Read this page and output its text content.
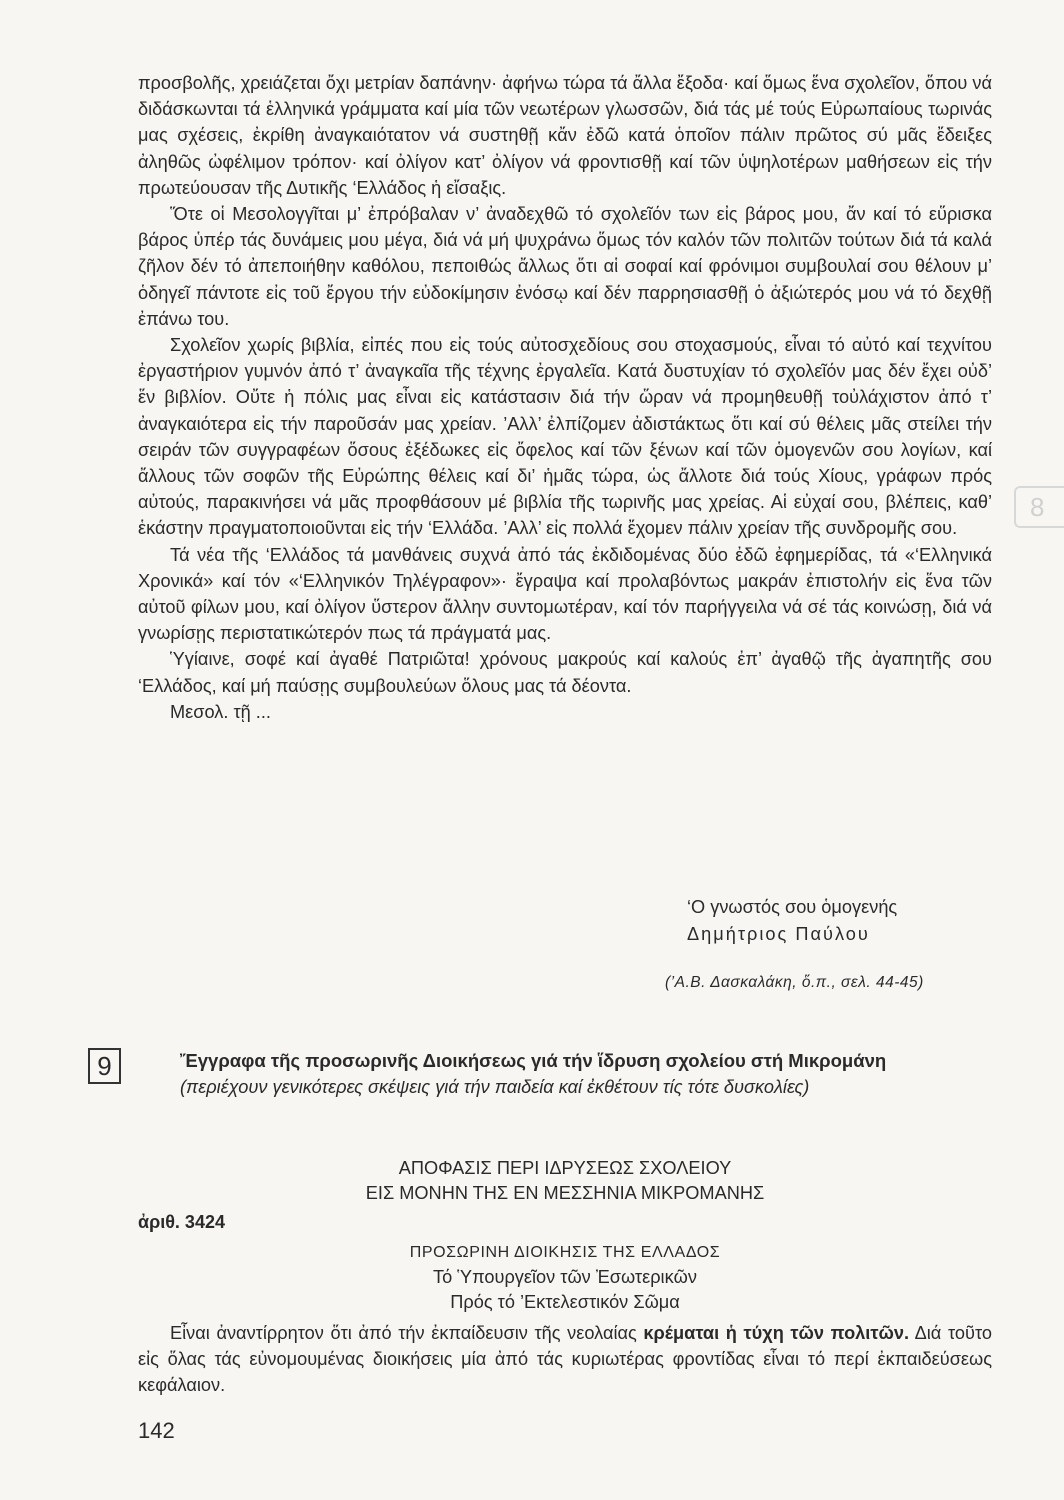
προσβολῆς, χρειάζεται ὄχι μετρίαν δαπάνην· ἀφήνω τώρα τά ἄλλα ἔξοδα· καί ὅμως ἕνα σχολεῖον, ὅπου νά διδάσκωνται τά ἑλληνικά γράμματα καί μία τῶν νεωτέρων γλωσσῶν, διά τάς μέ τούς Εὐρωπαίους τωρινάς μας σχέσεις, ἐκρίθη ἀναγκαιότατον νά συστηθῇ κἄν ἐδῶ κατά ὁποῖον πάλιν πρῶτος σύ μᾶς ἔδειξες ἀληθῶς ὠφέλιμον τρόπον· καί ὀλίγον κατ’ ὀλίγον νά φροντισθῇ καί τῶν ὑψηλοτέρων μαθήσεων εἰς τήν πρωτεύουσαν τῆς Δυτικῆς ‘Ελλάδος ἡ εἴσαξις.

Ὅτε οἱ Μεσολογγῖται μ’ ἐπρόβαλαν ν’ ἀναδεχθῶ τό σχολεῖόν των εἰς βάρος μου, ἄν καί τό εὕρισκα βάρος ὑπέρ τάς δυνάμεις μου μέγα, διά νά μή ψυχράνω ὅμως τόν καλόν τῶν πολιτῶν τούτων διά τά καλά ζῆλον δέν τό ἀπεποιήθην καθόλου, πεποιθώς ἄλλως ὅτι αἱ σοφαί καί φρόνιμοι συμβουλαί σου θέλουν μ’ ὁδηγεῖ πάντοτε εἰς τοῦ ἔργου τήν εὐδοκίμησιν ἐνόσῳ καί δέν παρρησιασθῇ ὁ ἀξιώτερός μου νά τό δεχθῇ ἐπάνω του.

Σχολεῖον χωρίς βιβλία, εἰπές που εἰς τούς αὐτοσχεδίους σου στοχασμούς, εἶναι τό αὐτό καί τεχνίτου ἐργαστήριον γυμνόν ἀπό τ’ ἀναγκαῖα τῆς τέχνης ἐργαλεῖα. Κατά δυστυχίαν τό σχολεῖόν μας δέν ἔχει οὐδ’ ἕν βιβλίον. Οὔτε ἡ πόλις μας εἶναι εἰς κατάστασιν διά τήν ὥραν νά προμηθευθῇ τοὐλάχιστον ἀπό τ’ ἀναγκαιότερα εἰς τήν παροῦσάν μας χρείαν. ’Αλλ’ ἐλπίζομεν ἀδιστάκτως ὅτι καί σύ θέλεις μᾶς στείλει τήν σειράν τῶν συγγραφέων ὅσους ἐξέδωκες εἰς ὄφελος καί τῶν ξένων καί τῶν ὁμογενῶν σου λογίων, καί ἄλλους τῶν σοφῶν τῆς Εὐρώπης θέλεις καί δι’ ἡμᾶς τώρα, ὡς ἄλλοτε διά τούς Χίους, γράφων πρός αὐτούς, παρακινήσει νά μᾶς προφθάσουν μέ βιβλία τῆς τωρινῆς μας χρείας. Αἱ εὐχαί σου, βλέπεις, καθ’ ἑκάστην πραγματοποιοῦνται εἰς τήν ‘Ελλάδα. ’Αλλ’ εἰς πολλά ἔχομεν πάλιν χρείαν τῆς συνδρομῆς σου.

Τά νέα τῆς ‘Ελλάδος τά μανθάνεις συχνά ἀπό τάς ἐκδιδομένας δύο ἐδῶ ἐφημερίδας, τά «‘Ελληνικά Χρονικά» καί τόν «‘Ελληνικόν Τηλέγραφον»· ἔγραψα καί προλαβόντως μακράν ἐπιστολήν εἰς ἕνα τῶν αὐτοῦ φίλων μου, καί ὀλίγον ὕστερον ἄλλην συντομωτέραν, καί τόν παρήγγειλα νά σέ τάς κοινώσῃ, διά νά γνωρίσῃς περιστατικώτερόν πως τά πράγματά μας.

Ὑγίαινε, σοφέ καί ἀγαθέ Πατριῶτα! χρόνους μακρούς καί καλούς ἐπ’ ἀγαθῷ τῆς ἀγαπητῆς σου ‘Ελλάδος, καί μή παύσῃς συμβουλεύων ὅλους μας τά δέοντα.

Μεσολ. τῇ ...

‘Ο γνωστός σου ὁμογενής
Δημήτριος Παύλου
(’Α.Β. Δασκαλάκη, ὅ.π., σελ. 44-45)
8
9	Ἔγγραφα τῆς προσωρινῆς Διοικήσεως γιά τήν ἵδρυση σχολείου στή Μικρομάνη

(περιέχουν γενικότερες σκέψεις γιά τήν παιδεία καί ἐκθέτουν τίς τότε δυσκολίες)

ΑΠΟΦΑΣΙΣ ΠΕΡΙ ΙΔΡΥΣΕΩΣ ΣΧΟΛΕΙΟΥ

ΕΙΣ ΜΟΝΗΝ ΤΗΣ ΕΝ ΜΕΣΣΗΝΙΑ ΜΙΚΡΟΜΑΝΗΣ

ἀριθ. 3424

ΠΡΟΣΩΡΙΝΗ ΔΙΟΙΚΗΣΙΣ ΤΗΣ ΕΛΛΑΔΟΣ

Τό Ὑπουργεῖον τῶν Ἐσωτερικῶν

Πρός τό ’Εκτελεστικόν Σῶμα

Εἶναι ἀναντίρρητον ὅτι ἀπό τήν ἐκπαίδευσιν τῆς νεολαίας κρέμαται ἡ τύχη τῶν πολιτῶν. Διά τοῦτο εἰς ὅλας τάς εὐνομουμένας διοικήσεις μία ἀπό τάς κυριωτέρας φροντίδας εἶναι τό περί ἐκπαιδεύσεως κεφάλαιον.

142
